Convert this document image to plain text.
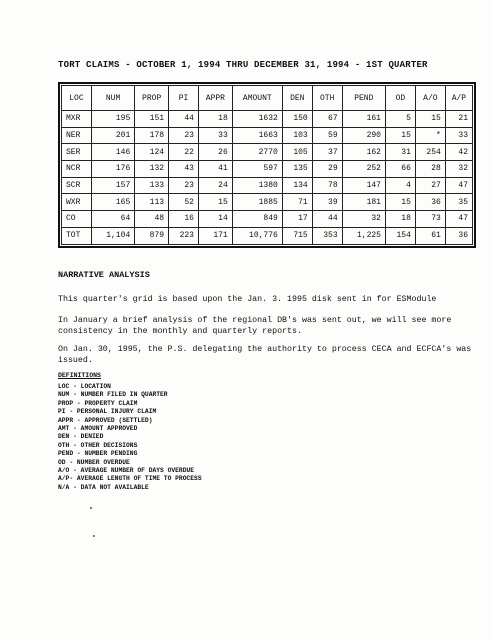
TORT CLAIMS - OCTOBER 1, 1994 THRU DECEMBER 31, 1994 - 1ST QUARTER
LOC	NUM	PROP	PI	APPR	AMOUNT	DEN	OTH	PEND	OD	A/O	A/P
MXR	195	151	44	18	1632	150	67	161	5	15	21
NER	201	178	23	33	1663	103	59	290	15	*	33
SER	146	124	22	26	2770	105	37	162	31	254	42
NCR	176	132	43	41	597	135	29	252	66	28	32
SCR	157	133	23	24	1380	134	78	147	4	27	47
WXR	165	113	52	15	1885	71	39	181	15	36	35
CO	64	48	16	14	849	17	44	32	18	73	47
TOT	1,104	879	223	171	10,776	715	353	1,225	154	61	36
NARRATIVE ANALYSIS
This quarter's grid is based upon the Jan. 3. 1995 disk sent in for ESModule
In January a brief analysis of the regional DB's was sent out, we will see more consistency in the monthly and quarterly reports.
On Jan. 30, 1995, the P.S. delegating the authority to process CECA and ECFCA's was issued.
DEFINITIONS
LOC - LOCATION
NUM - NUMBER FILED IN QUARTER
PROP - PROPERTY CLAIM
PI - PERSONAL INJURY CLAIM
APPR - APPROVED (SETTLED)
AMT - AMOUNT APPROVED
DEN - DENIED
OTH - OTHER DECISIONS
PEND - NUMBER PENDING
OD - NUMBER OVERDUE
A/O - AVERAGE NUMBER OF DAYS OVERDUE
A/P- AVERAGE LENGTH OF TIME TO PROCESS
N/A - DATA NOT AVAILABLE
